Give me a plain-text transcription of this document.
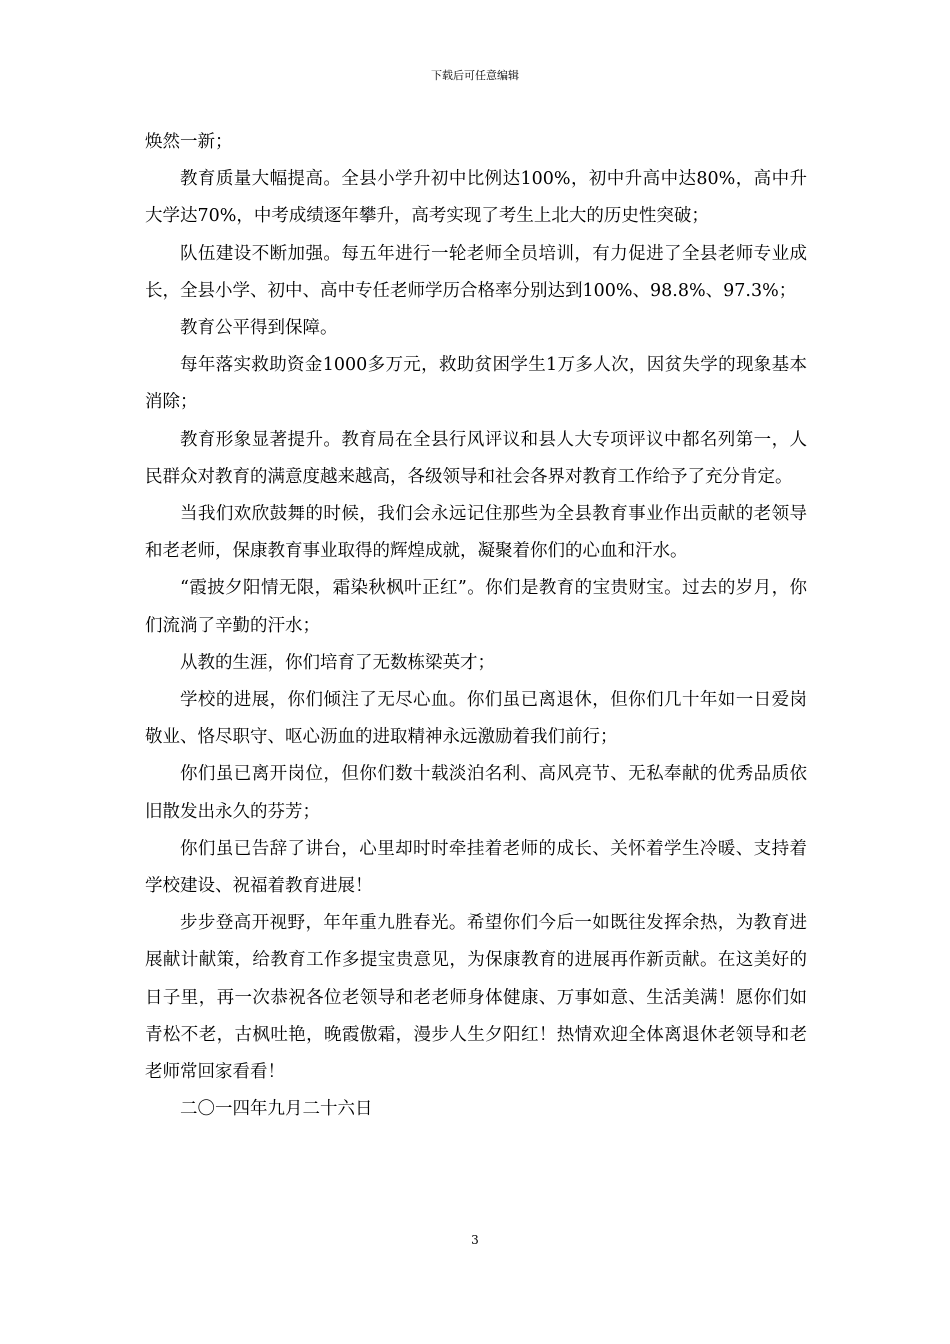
下载后可任意编辑

焕然一新；

教育质量大幅提高。全县小学升初中比例达100%，初中升高中达80%，高中升大学达70%，中考成绩逐年攀升，高考实现了考生上北大的历史性突破；

队伍建设不断加强。每五年进行一轮老师全员培训，有力促进了全县老师专业成长，全县小学、初中、高中专任老师学历合格率分别达到100%、98.8%、97.3%；

教育公平得到保障。

每年落实救助资金1000多万元，救助贫困学生1万多人次，因贫失学的现象基本消除；

教育形象显著提升。教育局在全县行风评议和县人大专项评议中都名列第一，人民群众对教育的满意度越来越高，各级领导和社会各界对教育工作给予了充分肯定。

当我们欢欣鼓舞的时候，我们会永远记住那些为全县教育事业作出贡献的老领导和老老师，保康教育事业取得的辉煌成就，凝聚着你们的心血和汗水。

“霞披夕阳情无限，霜染秋枫叶正红”。你们是教育的宝贵财宝。过去的岁月，你们流淌了辛勤的汗水；

从教的生涯，你们培育了无数栋梁英才；

学校的进展，你们倾注了无尽心血。你们虽已离退休，但你们几十年如一日爱岗敬业、恪尽职守、呕心沥血的进取精神永远激励着我们前行；

你们虽已离开岗位，但你们数十载淡泊名利、高风亮节、无私奉献的优秀品质依旧散发出永久的芬芳；

你们虽已告辞了讲台，心里却时时牵挂着老师的成长、关怀着学生冷暖、支持着学校建设、祝福着教育进展！

步步登高开视野，年年重九胜春光。希望你们今后一如既往发挥余热，为教育进展献计献策，给教育工作多提宝贵意见，为保康教育的进展再作新贡献。在这美好的日子里，再一次恭祝各位老领导和老老师身体健康、万事如意、生活美满！愿你们如青松不老，古枫吐艳，晚霞傲霜，漫步人生夕阳红！热情欢迎全体离退休老领导和老老师常回家看看！

二〇一四年九月二十六日

3
